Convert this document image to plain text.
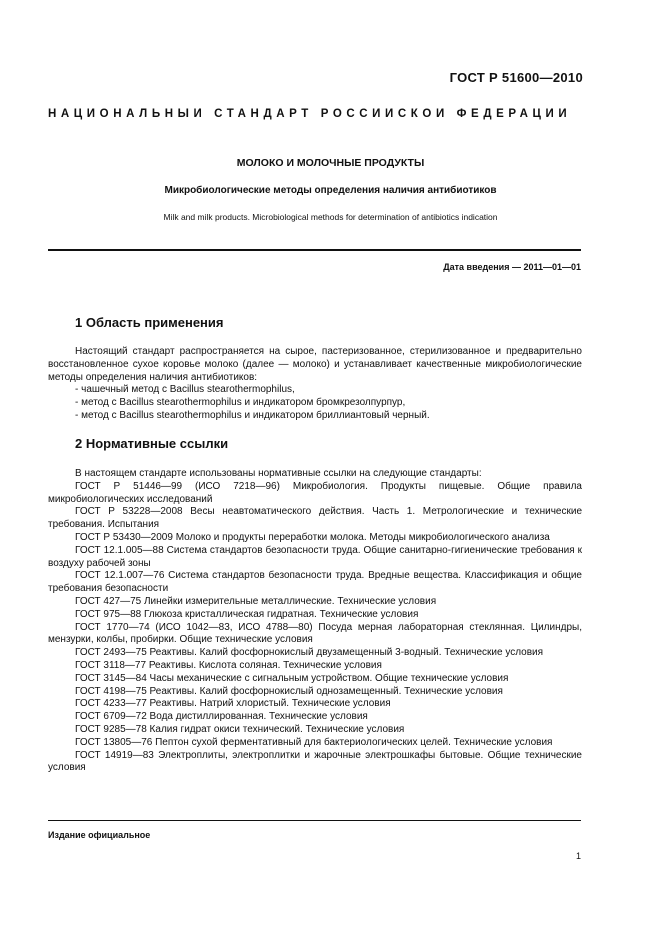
ГОСТ Р 51600—2010
НАЦИОНАЛЬНЫЙ СТАНДАРТ РОССИЙСКОЙ ФЕДЕРАЦИИ
МОЛОКО И МОЛОЧНЫЕ ПРОДУКТЫ
Микробиологические методы определения наличия антибиотиков
Milk and milk products. Microbiological methods for determination of antibiotics indication
Дата введения — 2011—01—01
1 Область применения

Настоящий стандарт распространяется на сырое, пастеризованное, стерилизованное и предварительно восстановленное сухое коровье молоко (далее — молоко) и устанавливает качественные микробиологические методы определения наличия антибиотиков:

- чашечный метод с Bacillus stearothermophilus,

- метод с Bacillus stearothermophilus и индикатором бромкрезолпурпур,

- метод с Bacillus stearothermophilus и индикатором бриллиантовый черный.

2 Нормативные ссылки

В настоящем стандарте использованы нормативные ссылки на следующие стандарты:

ГОСТ Р 51446—99 (ИСО 7218—96) Микробиология. Продукты пищевые. Общие правила микробиологических исследований

ГОСТ Р 53228—2008 Весы неавтоматического действия. Часть 1. Метрологические и технические требования. Испытания

ГОСТ Р 53430—2009 Молоко и продукты переработки молока. Методы микробиологического анализа

ГОСТ 12.1.005—88 Система стандартов безопасности труда. Общие санитарно-гигиенические требования к воздуху рабочей зоны

ГОСТ 12.1.007—76 Система стандартов безопасности труда. Вредные вещества. Классификация и общие требования безопасности

ГОСТ 427—75 Линейки измерительные металлические. Технические условия

ГОСТ 975—88 Глюкоза кристаллическая гидратная. Технические условия

ГОСТ 1770—74 (ИСО 1042—83, ИСО 4788—80) Посуда мерная лабораторная стеклянная. Цилиндры, мензурки, колбы, пробирки. Общие технические условия

ГОСТ 2493—75 Реактивы. Калий фосфорнокислый двузамещенный 3-водный. Технические условия

ГОСТ 3118—77 Реактивы. Кислота соляная. Технические условия

ГОСТ 3145—84 Часы механические с сигнальным устройством. Общие технические условия

ГОСТ 4198—75 Реактивы. Калий фосфорнокислый однозамещенный. Технические условия

ГОСТ 4233—77 Реактивы. Натрий хлористый. Технические условия

ГОСТ 6709—72 Вода дистиллированная. Технические условия

ГОСТ 9285—78 Калия гидрат окиси технический. Технические условия

ГОСТ 13805—76 Пептон сухой ферментативный для бактериологических целей. Технические условия

ГОСТ 14919—83 Электроплиты, электроплитки и жарочные электрошкафы бытовые. Общие технические условия

Издание официальное
1
